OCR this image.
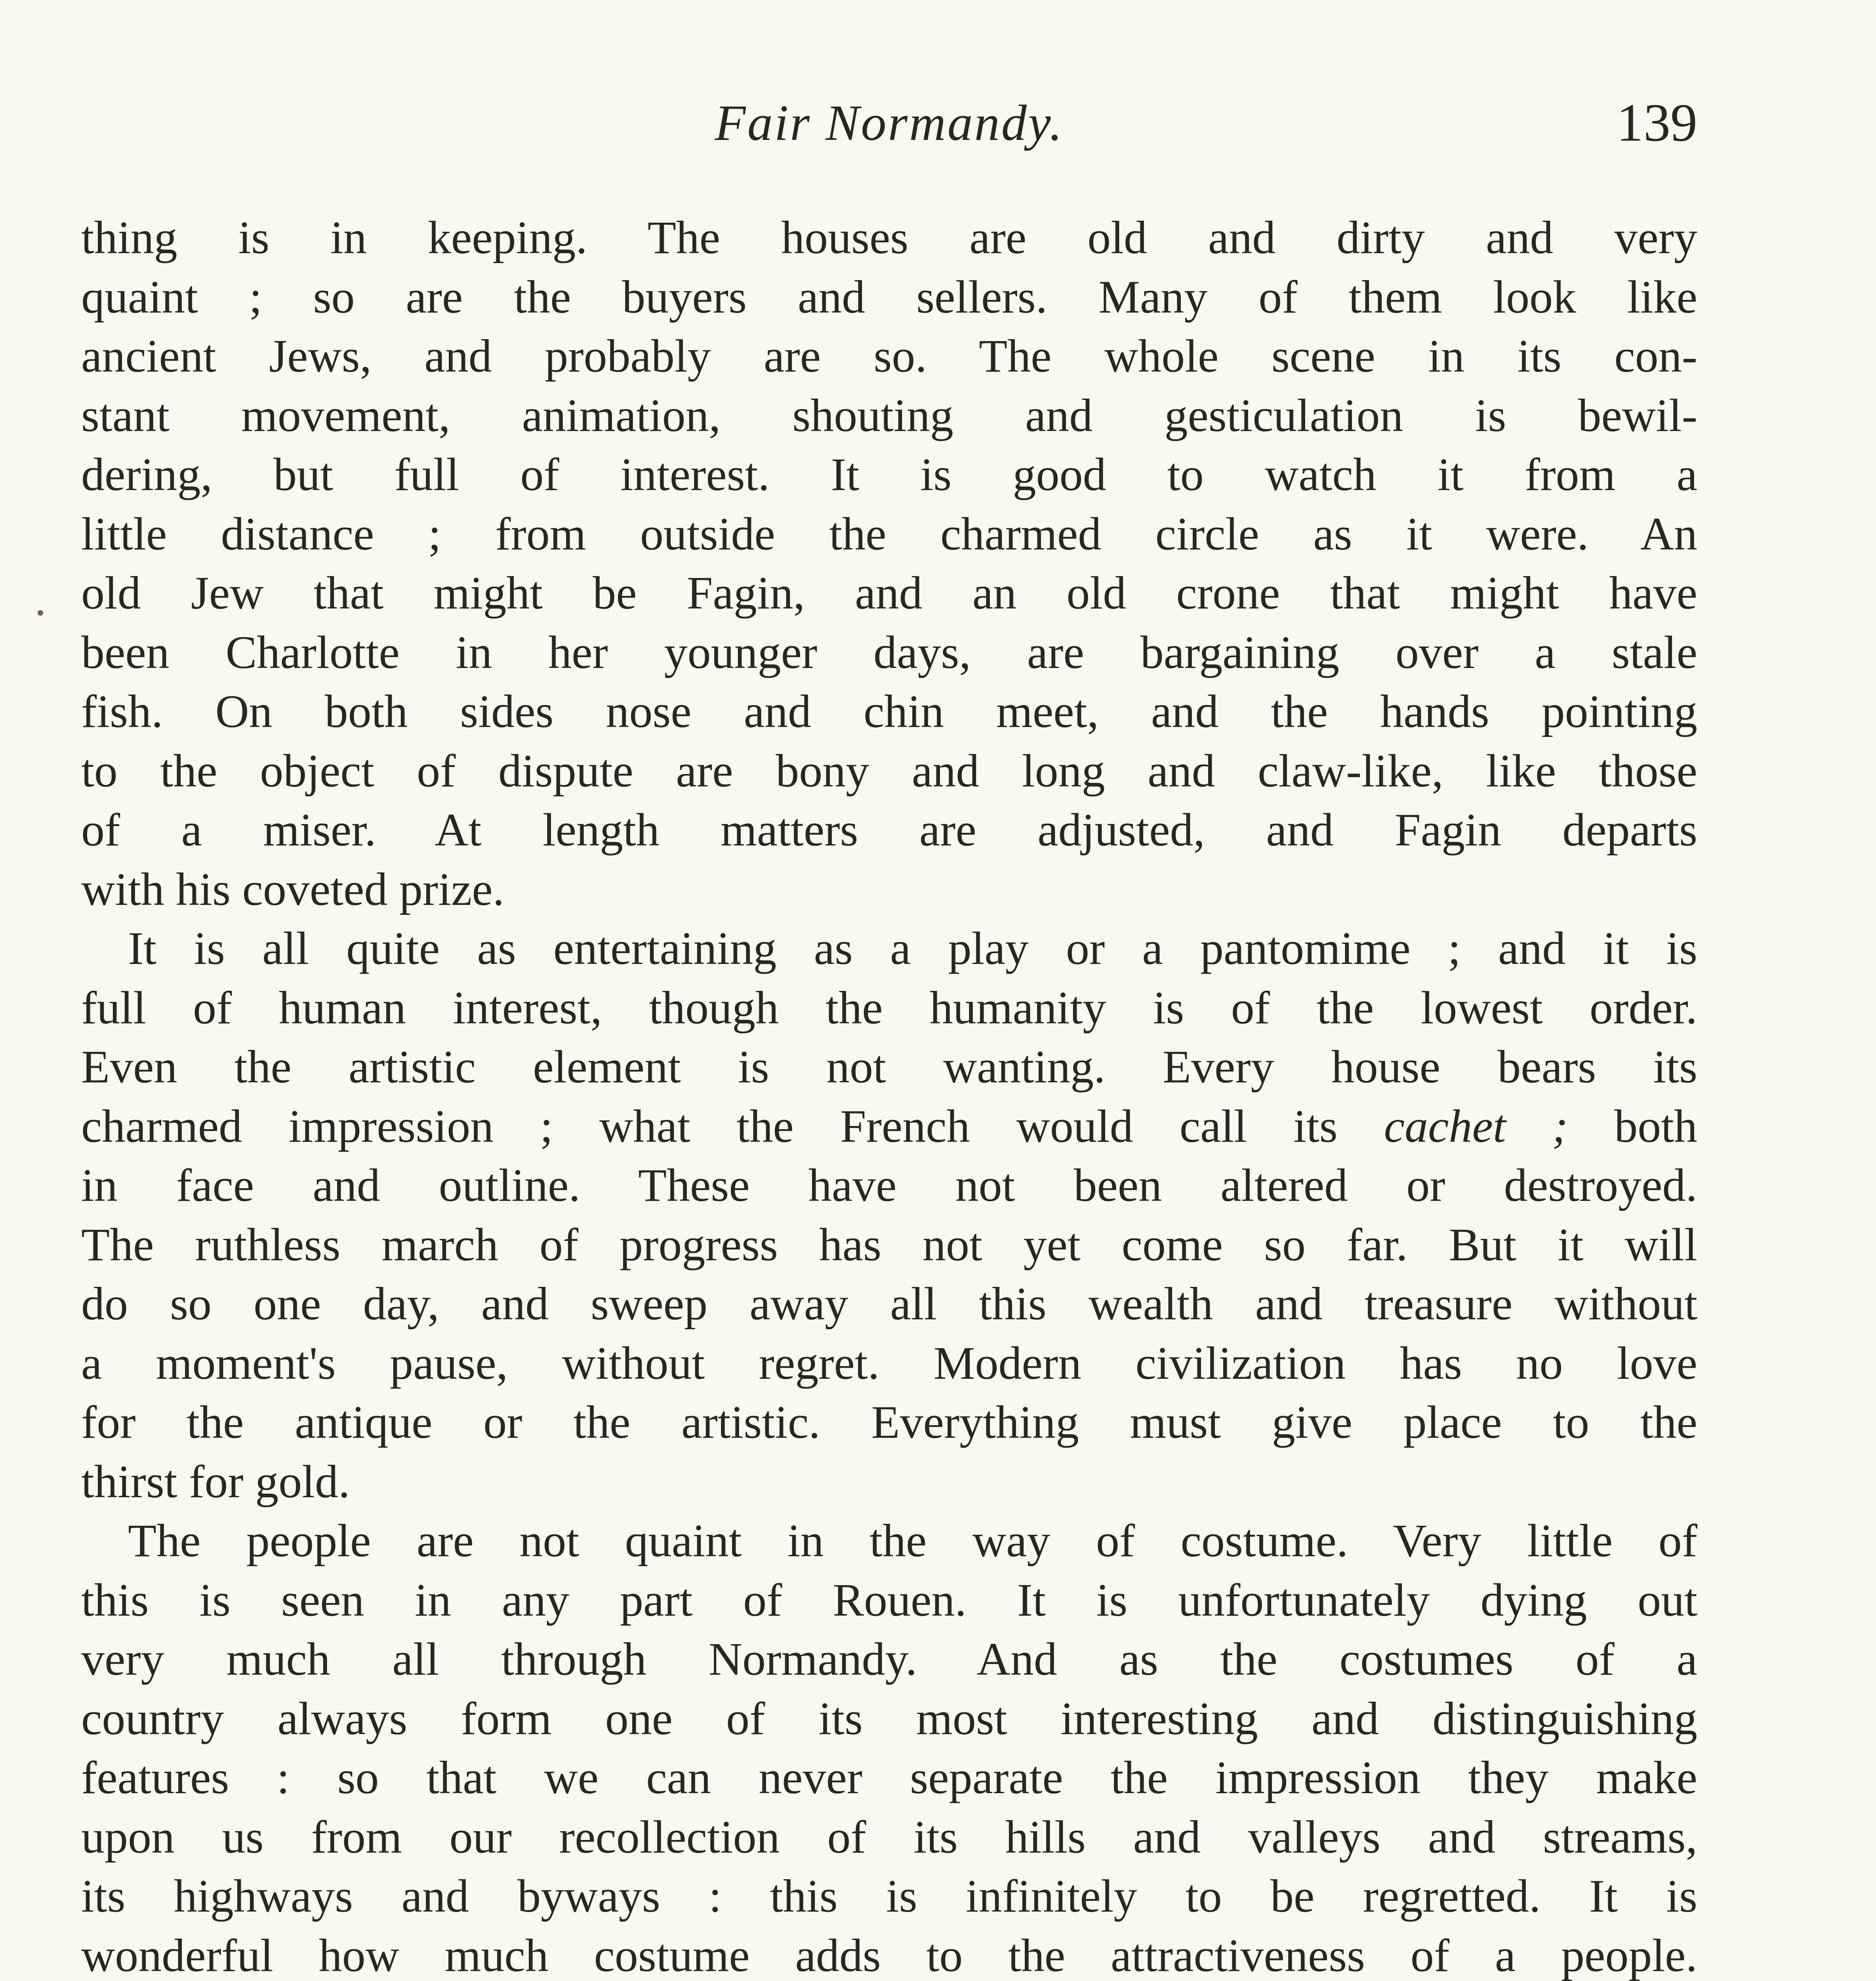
Fair Normandy.	139
thing is in keeping. The houses are old and dirty and very
quaint ; so are the buyers and sellers. Many of them look like
ancient Jews, and probably are so. The whole scene in its con-
stant movement, animation, shouting and gesticulation is bewil-
dering, but full of interest. It is good to watch it from a
little distance ; from outside the charmed circle as it were. An
old Jew that might be Fagin, and an old crone that might have
been Charlotte in her younger days, are bargaining over a stale
fish. On both sides nose and chin meet, and the hands pointing
to the object of dispute are bony and long and claw-like, like those
of a miser. At length matters are adjusted, and Fagin departs
with his coveted prize.
It is all quite as entertaining as a play or a pantomime ; and it is
full of human interest, though the humanity is of the lowest order.
Even the artistic element is not wanting. Every house bears its
charmed impression ; what the French would call its cachet ; both
in face and outline. These have not been altered or destroyed.
The ruthless march of progress has not yet come so far. But it will
do so one day, and sweep away all this wealth and treasure without
a moment's pause, without regret. Modern civilization has no love
for the antique or the artistic. Everything must give place to the
thirst for gold.
The people are not quaint in the way of costume. Very little of
this is seen in any part of Rouen. It is unfortunately dying out
very much all through Normandy. And as the costumes of a
country always form one of its most interesting and distinguishing
features : so that we can never separate the impression they make
upon us from our recollection of its hills and valleys and streams,
its highways and byways : this is infinitely to be regretted. It is
wonderful how much costume adds to the attractiveness of a people.
